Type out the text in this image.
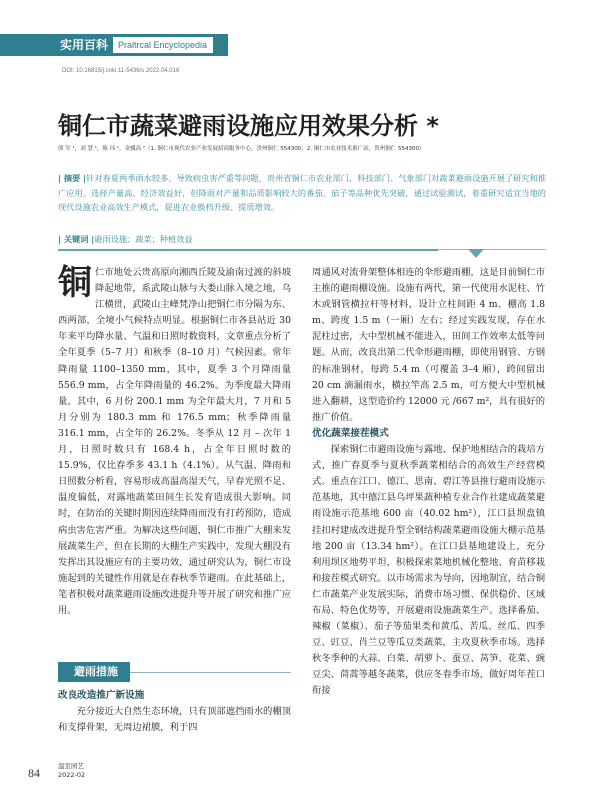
实用百科 Praltrcal Encyclopedia
DOI: 10.16815/j.cnki.11-5436/s.2022.04.016
铜仁市蔬菜避雨设施应用效果分析 *
熊 军 ¹，刘 慧 ¹，陈 玮 ¹，金骥高 ²（1. 铜仁市现代农业产业发展招商服务中心，贵州铜仁 554300；2. 铜仁市农业技术推广站，贵州铜仁 554300）
| 摘要 |针对春夏两季雨水较多、导致病虫害严重等问题，贵州省铜仁市农业部门、科技部门、气象部门对蔬菜避雨设施开展了研究和推广应用。选择产量高、经济效益好，但降雨对产量和品质影响较大的番茄、茄子等品种优先突破，通过试验测试，着重研究适宜当地的现代设施农业高效生产模式，促进农业换档升级、提质增效。
| 关键词 |避雨设施；蔬菜；种植效益

铜仁市地处云贵高原向湘西丘陵及渝南过渡的斜坡降起地带，系武陵山脉与大娄山脉入境之地，乌江横贯，武陵山主峰梵净山把铜仁市分隔为东、西两部，全境小气候特点明显。根据铜仁市各县站近 30 年来平均降水量、气温和日照时数资料，文章重点分析了全年夏季（5–7 月）和秋季（8–10 月）气候因素。常年降雨量 1100–1350 mm，其中，夏季 3 个月降雨量 556.9 mm，占全年降雨量的 46.2%。为季度最大降雨量，其中，6 月份 200.1 mm 为全年最大月，7 月和 5 月分别为 180.3 mm 和 176.5 mm；秋季降雨量 316.1 mm，占全年的 26.2%。冬季从 12 月 – 次年 1 月，日照时数只有 168.4 h，占全年日照时数的 15.9%，仅比春季多 43.1 h（4.1%）。从气温、降雨和日照数分析看，容易形成高温高湿天气，早春光照不足、温度偏低，对露地蔬菜田间生长发育造成很大影响。同时，在防治的关键时期因连续降雨而没有打药预防，造成病虫害危害严重。为解决这些问题，铜仁市推广大棚来发展蔬菜生产，但在长期的大棚生产实践中，发现大棚没有发挥出其设施应有的主要功效，通过研究认为，铜仁市设施起到的关键性作用就是在春秋季节避雨。在此基础上，笔者积极对蔬菜避雨设施改进提升等开展了研究和推广应用。

避雨措施
改良改造推广新设施

充分接近大自然生态环境，只有顶部遮挡雨水的棚顶和支撑骨架，无周边裙膜，利于四

周通风对流骨架整体相连的伞形避雨棚，这是目前铜仁市主推的避雨棚设施。设施有两代，第一代使用水泥柱、竹木或钢管横拉杆等材料，设计立柱间距 4 m、棚高 1.8 m、跨度 1.5 m（一厢）左右；经过实践发现，存在水泥柱过密，大中型机械不能进入，田间工作效率太低等问题。从而，改良出第二代伞形避雨棚，即使用钢管、方钢的标准钢材，每跨 5.4 m（可覆盖 3–4 厢），跨间留出 20 cm 滴漏雨水，横拉竿高 2.5 m，可方便大中型机械进入翻耕，这型造价约 12000 元 /667 m²，具有很好的推广价值。

优化蔬菜接茬模式

探索铜仁市避雨设施与露地、保护地相结合的栽培方式，推广春夏季与夏秋季蔬菜相结合的高效生产经营模式。重点在江口、德江、思南、碧江等县推行避雨设施示范基地，其中德江县乌坪果蔬种植专业合作社建成蔬菜避雨设施示范基地 600 亩（40.02 hm²），江口县坝盘镇挂扣村建成改进提升型全钢结构蔬菜避雨设施大棚示范基地 200 亩（13.34 hm²）。在江口县基地建设上，充分利用坝区地势平坦，积极探索菜地机械化整地、育苗移栽和接茬模式研究。以市场需求为导向，因地制宜，结合铜仁市蔬菜产业发展实际，消费市场习惯、保供稳价、区域布局、特色优势等，开展避雨设施蔬菜生产。选择番茄、辣椒（菜椒）、茄子等茄果类和黄瓜、苦瓜、丝瓜、四季豆、豇豆、肖兰豆等瓜豆类蔬菜，主攻夏秋季市场。选择秋冬季种的大蒜、白菜、胡萝卜、蚕豆、莴笋、花菜、豌豆尖、茼蒿等越冬蔬菜，供应冬春季市场，做好周年茬口衔接

84	温室园艺
2022-02
